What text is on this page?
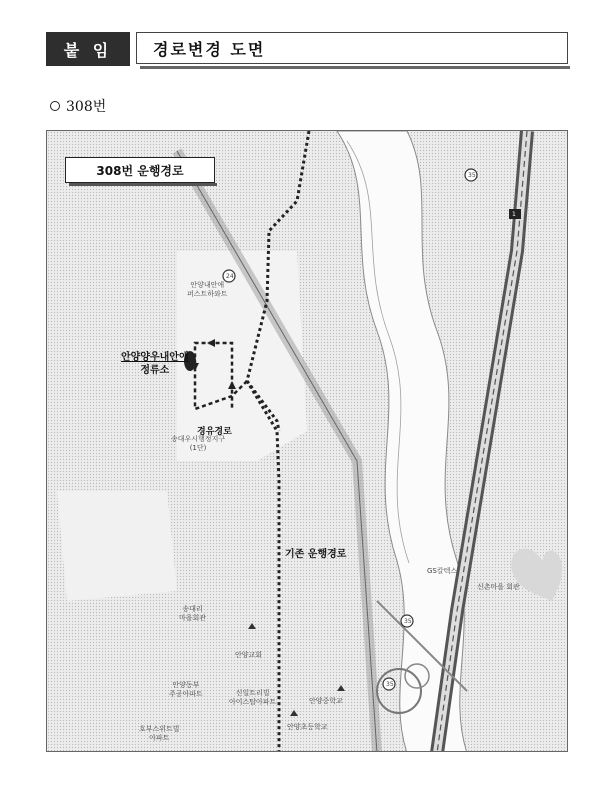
붙 임	경로변경 도면
308번
308번 운행경로
안양내안애
퍼스트하와트
안양양우내안애
정류소
경유경로
송대우시행정지구
(1단)
기존 운행경로
GS칼텍스
신촌마을 회관
송대리
마을회관
안양교회
안양동부
주공아파트	신일트리빌
아이스탑아파트	안양중학교
안양초등학교
호부스위트빌
아파트
24
35
1
35
35
